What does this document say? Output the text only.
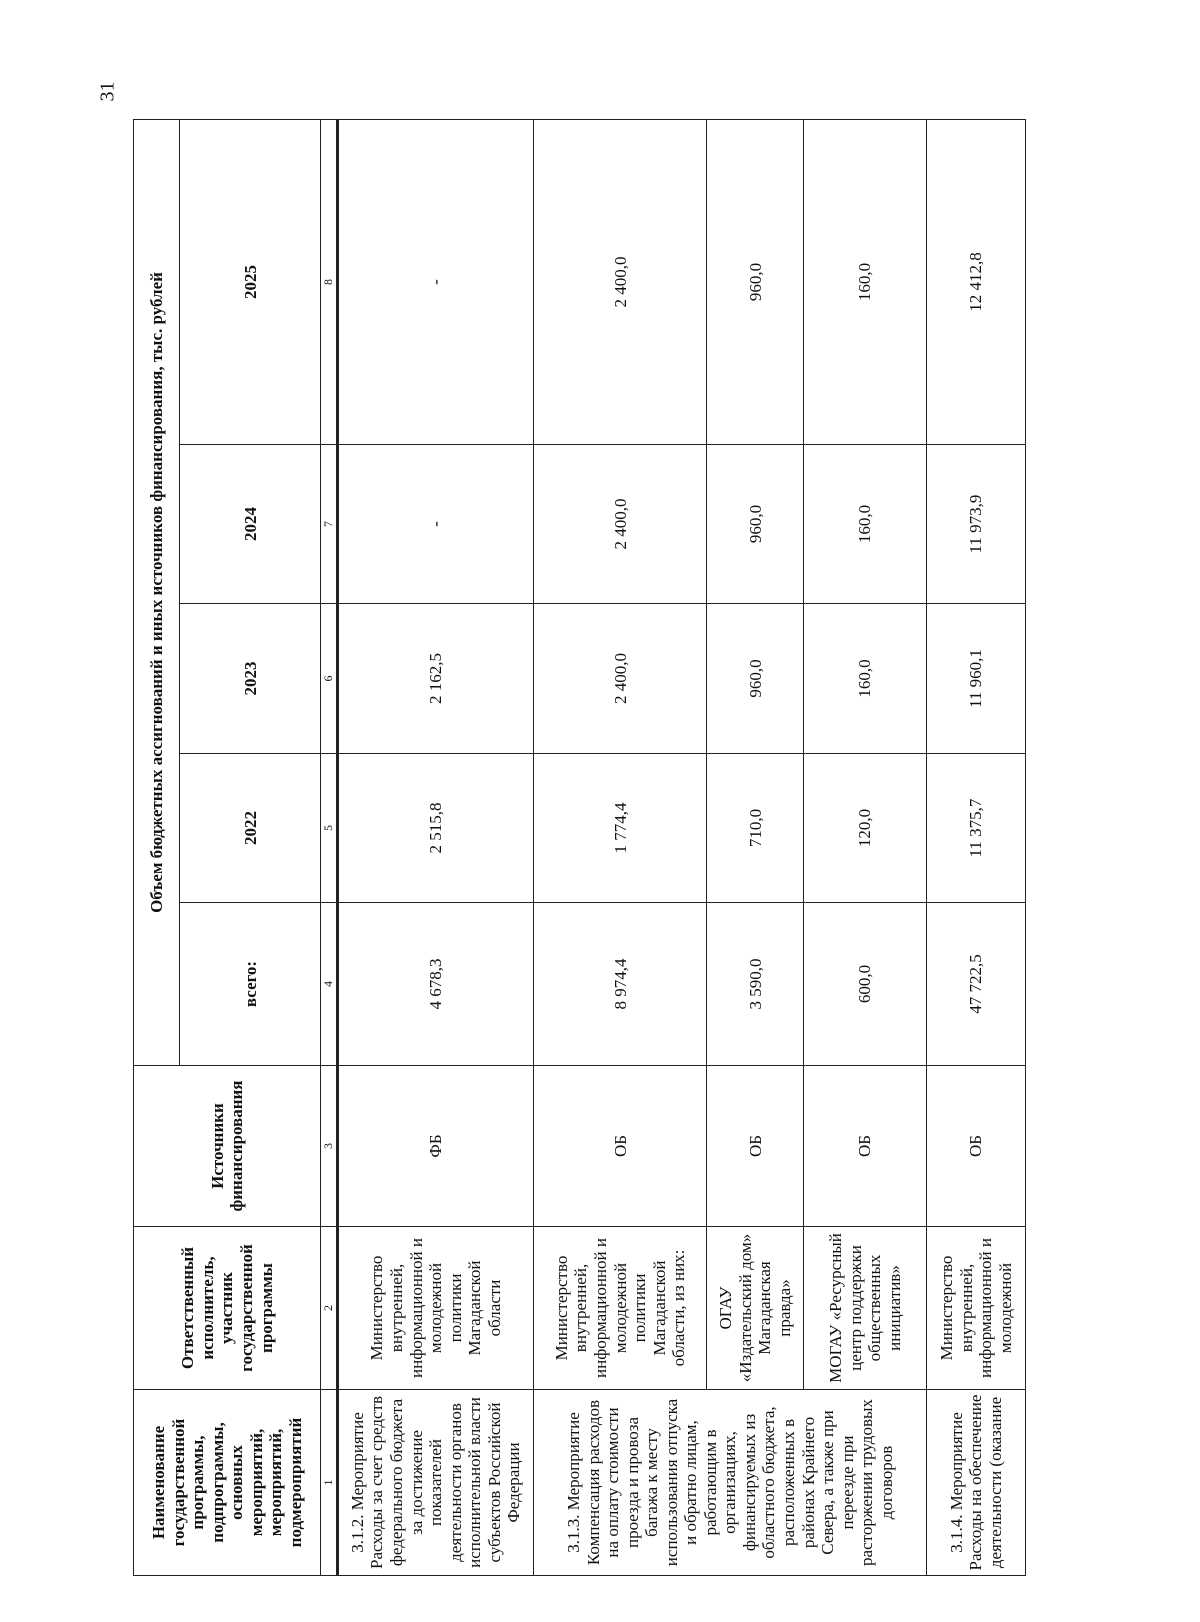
31
Наименование государственной программы, подпрограммы, основных мероприятий, мероприятий, подмероприятий	Ответственный исполнитель, участник государственной программы	Источники финансирования	Объем бюджетных ассигнований и иных источников финансирования, тыс. рублей				
			всего:	2022	2023	2024	2025
1	2	3	4	5	6	7	8
3.1.2. Мероприятие Расходы за счет средств федерального бюджета за достижение показателей деятельности органов исполнительной власти субъектов Российской Федерации	Министерство внутренней, информационной и молодежной политики Магаданской области	ФБ	4 678,3	2 515,8	2 162,5	-	-
3.1.3. Мероприятие Компенсация расходов на оплату стоимости проезда и провоза багажа к месту использования отпуска и обратно лицам, работающим в организациях, финансируемых из областного бюджета, расположенных в районах Крайнего Севера, а также при переезде при расторжении трудовых договоров	Министерство внутренней, информационной и молодежной политики Магаданской области, из них:	ОБ	8 974,4	1 774,4	2 400,0	2 400,0	2 400,0
	ОГАУ «Издательский дом» Магаданская правда»	ОБ	3 590,0	710,0	960,0	960,0	960,0
	МОГАУ «Ресурсный центр поддержки общественных инициатив»	ОБ	600,0	120,0	160,0	160,0	160,0
3.1.4. Мероприятие Расходы на обеспечение деятельности (оказание	Министерство внутренней, информационной и молодежной	ОБ	47 722,5	11 375,7	11 960,1	11 973,9	12 412,8
